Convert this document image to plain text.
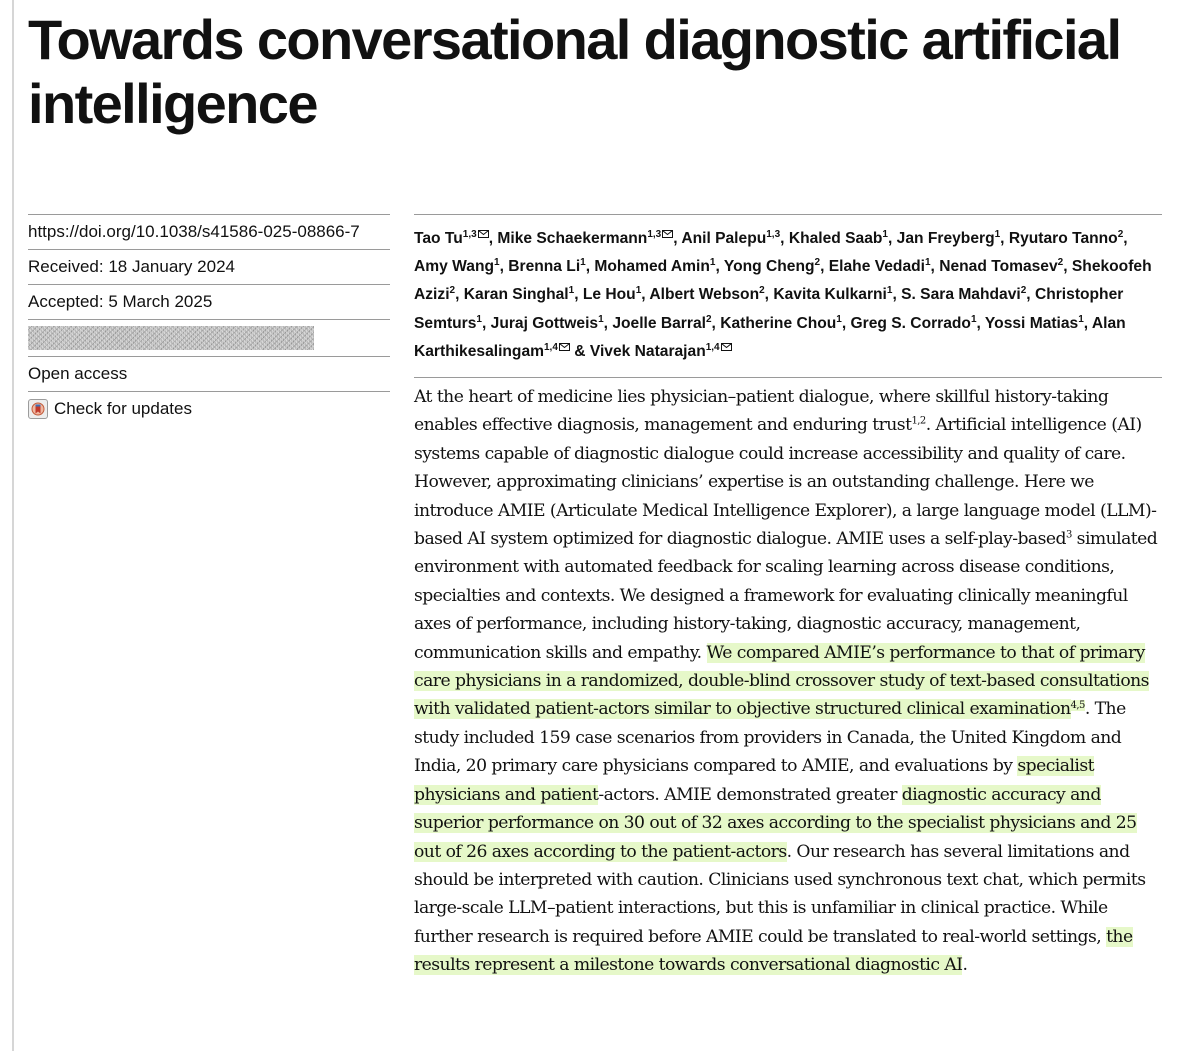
Towards conversational diagnostic artificial intelligence
https://doi.org/10.1038/s41586-025-08866-7
Received: 18 January 2024
Accepted: 5 March 2025
Open access
Check for updates

Tao Tu$^{1,3}$ , Mike Schaekermann$^{1,3}$ , Anil Palepu$^{1,3}$, Khaled Saab$^1$, Jan Freyberg$^1$, Ryutaro Tanno$^2$, Amy Wang$^1$, Brenna Li$^1$, Mohamed Amin$^1$, Yong Cheng$^2$, Elahe Vedadi$^1$, Nenad Tomasev$^2$, Shekoofeh Azizi$^2$, Karan Singhal$^1$, Le Hou$^1$, Albert Webson$^2$, Kavita Kulkarni$^1$, S. Sara Mahdavi$^2$, Christopher Semturs$^1$, Juraj Gottweis$^1$, Joelle Barral$^2$, Katherine Chou$^1$, Greg S. Corrado$^1$, Yossi Matias$^1$, Alan Karthikesalingam$^{1,4}$ & Vivek Natarajan$^{1,4}$

At the heart of medicine lies physician–patient dialogue, where skillful history-taking enables effective diagnosis, management and enduring trust$^{1,2}$. Artificial intelligence (AI) systems capable of diagnostic dialogue could increase accessibility and quality of care. However, approximating clinicians’ expertise is an outstanding challenge. Here we introduce AMIE (Articulate Medical Intelligence Explorer), a large language model (LLM)-based AI system optimized for diagnostic dialogue. AMIE uses a self-play-based$^3$ simulated environment with automated feedback for scaling learning across disease conditions, specialties and contexts. We designed a framework for evaluating clinically meaningful axes of performance, including history-taking, diagnostic accuracy, management, communication skills and empathy. We compared AMIE’s performance to that of primary care physicians in a randomized, double-blind crossover study of text-based consultations with validated patient-actors similar to objective structured clinical examination$^{4,5}$. The study included 159 case scenarios from providers in Canada, the United Kingdom and India, 20 primary care physicians compared to AMIE, and evaluations by specialist physicians and patient-actors. AMIE demonstrated greater diagnostic accuracy and superior performance on 30 out of 32 axes according to the specialist physicians and 25 out of 26 axes according to the patient-actors. Our research has several limitations and should be interpreted with caution. Clinicians used synchronous text chat, which permits large-scale LLM–patient interactions, but this is unfamiliar in clinical practice. While further research is required before AMIE could be translated to real-world settings, the results represent a milestone towards conversational diagnostic AI.
